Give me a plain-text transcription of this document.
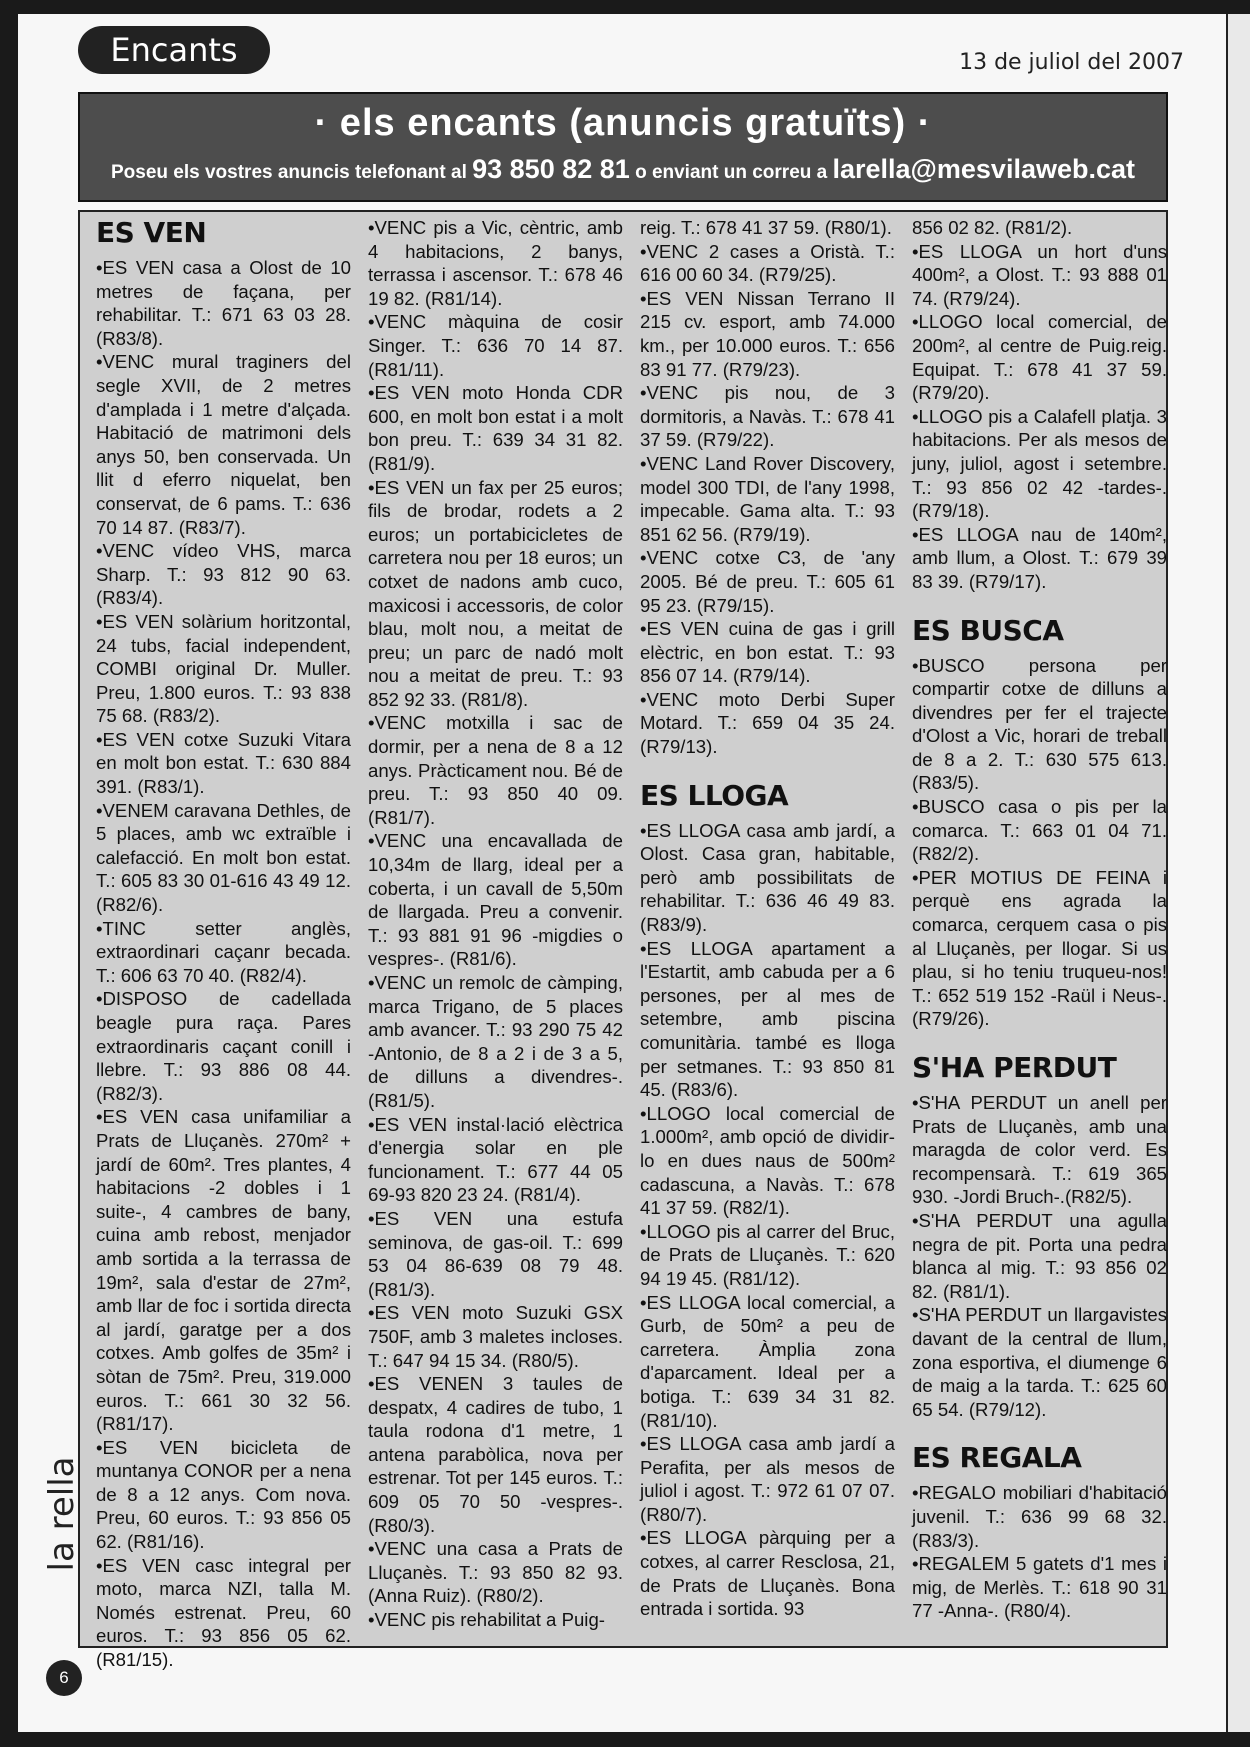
Encants	13 de juliol del 2007
· els encants (anuncis gratuïts) ·
Poseu els vostres anuncis telefonant al 93 850 82 81 o enviant un correu a larella@mesvilaweb.cat
ES VEN

•ES VEN casa a Olost de 10 metres de façana, per rehabilitar. T.: 671 63 03 28. (R83/8).

•VENC mural traginers del segle XVII, de 2 metres d'amplada i 1 metre d'alçada. Habitació de matrimoni dels anys 50, ben conservada. Un llit d eferro niquelat, ben conservat, de 6 pams. T.: 636 70 14 87. (R83/7).

•VENC vídeo VHS, marca Sharp. T.: 93 812 90 63. (R83/4).

•ES VEN solàrium horitzontal, 24 tubs, facial independent, COMBI original Dr. Muller. Preu, 1.800 euros. T.: 93 838 75 68. (R83/2).

•ES VEN cotxe Suzuki Vitara en molt bon estat. T.: 630 884 391. (R83/1).

•VENEM caravana Dethles, de 5 places, amb wc extraïble i calefacció. En molt bon estat. T.: 605 83 30 01-616 43 49 12. (R82/6).

•TINC setter anglès, extraordinari caçanr becada. T.: 606 63 70 40. (R82/4).

•DISPOSO de cadellada beagle pura raça. Pares extraordinaris caçant conill i llebre. T.: 93 886 08 44. (R82/3).

•ES VEN casa unifamiliar a Prats de Lluçanès. 270m² + jardí de 60m². Tres plantes, 4 habitacions -2 dobles i 1 suite-, 4 cambres de bany, cuina amb rebost, menjador amb sortida a la terrassa de 19m², sala d'estar de 27m², amb llar de foc i sortida directa al jardí, garatge per a dos cotxes. Amb golfes de 35m² i sòtan de 75m². Preu, 319.000 euros. T.: 661 30 32 56. (R81/17).

•ES VEN bicicleta de muntanya CONOR per a nena de 8 a 12 anys. Com nova. Preu, 60 euros. T.: 93 856 05 62. (R81/16).

•ES VEN casc integral per moto, marca NZI, talla M. Només estrenat. Preu, 60 euros. T.: 93 856 05 62. (R81/15).

•VENC pis a Vic, cèntric, amb 4 habitacions, 2 banys, terrassa i ascensor. T.: 678 46 19 82. (R81/14).

•VENC màquina de cosir Singer. T.: 636 70 14 87. (R81/11).

•ES VEN moto Honda CDR 600, en molt bon estat i a molt bon preu. T.: 639 34 31 82. (R81/9).

•ES VEN un fax per 25 euros; fils de brodar, rodets a 2 euros; un portabicicletes de carretera nou per 18 euros; un cotxet de nadons amb cuco, maxicosi i accessoris, de color blau, molt nou, a meitat de preu; un parc de nadó molt nou a meitat de preu. T.: 93 852 92 33. (R81/8).

•VENC motxilla i sac de dormir, per a nena de 8 a 12 anys. Pràcticament nou. Bé de preu. T.: 93 850 40 09. (R81/7).

•VENC una encavallada de 10,34m de llarg, ideal per a coberta, i un cavall de 5,50m de llargada. Preu a convenir. T.: 93 881 91 96 -migdies o vespres-. (R81/6).

•VENC un remolc de càmping, marca Trigano, de 5 places amb avancer. T.: 93 290 75 42 -Antonio, de 8 a 2 i de 3 a 5, de dilluns a divendres-. (R81/5).

•ES VEN instal·lació elèctrica d'energia solar en ple funcionament. T.: 677 44 05 69-93 820 23 24. (R81/4).

•ES VEN una estufa seminova, de gas-oil. T.: 699 53 04 86-639 08 79 48. (R81/3).

•ES VEN moto Suzuki GSX 750F, amb 3 maletes incloses. T.: 647 94 15 34. (R80/5).

•ES VENEN 3 taules de despatx, 4 cadires de tubo, 1 taula rodona d'1 metre, 1 antena parabòlica, nova per estrenar. Tot per 145 euros. T.: 609 05 70 50 -vespres-. (R80/3).

•VENC una casa a Prats de Lluçanès. T.: 93 850 82 93. (Anna Ruiz). (R80/2).

•VENC pis rehabilitat a Puig-

reig. T.: 678 41 37 59. (R80/1).

•VENC 2 cases a Oristà. T.: 616 00 60 34. (R79/25).

•ES VEN Nissan Terrano II 215 cv. esport, amb 74.000 km., per 10.000 euros. T.: 656 83 91 77. (R79/23).

•VENC pis nou, de 3 dormitoris, a Navàs. T.: 678 41 37 59. (R79/22).

•VENC Land Rover Discovery, model 300 TDI, de l'any 1998, impecable. Gama alta. T.: 93 851 62 56. (R79/19).

•VENC cotxe C3, de 'any 2005. Bé de preu. T.: 605 61 95 23. (R79/15).

•ES VEN cuina de gas i grill elèctric, en bon estat. T.: 93 856 07 14. (R79/14).

•VENC moto Derbi Super Motard. T.: 659 04 35 24. (R79/13).

ES LLOGA

•ES LLOGA casa amb jardí, a Olost. Casa gran, habitable, però amb possibilitats de rehabilitar. T.: 636 46 49 83. (R83/9).

•ES LLOGA apartament a l'Estartit, amb cabuda per a 6 persones, per al mes de setembre, amb piscina comunitària. també es lloga per setmanes. T.: 93 850 81 45. (R83/6).

•LLOGO local comercial de 1.000m², amb opció de dividir-lo en dues naus de 500m² cadascuna, a Navàs. T.: 678 41 37 59. (R82/1).

•LLOGO pis al carrer del Bruc, de Prats de Lluçanès. T.: 620 94 19 45. (R81/12).

•ES LLOGA local comercial, a Gurb, de 50m² a peu de carretera. Àmplia zona d'aparcament. Ideal per a botiga. T.: 639 34 31 82. (R81/10).

•ES LLOGA casa amb jardí a Perafita, per als mesos de juliol i agost. T.: 972 61 07 07. (R80/7).

•ES LLOGA pàrquing per a cotxes, al carrer Resclosa, 21, de Prats de Lluçanès. Bona entrada i sortida. 93

856 02 82. (R81/2).

•ES LLOGA un hort d'uns 400m², a Olost. T.: 93 888 01 74. (R79/24).

•LLOGO local comercial, de 200m², al centre de Puig.reig. Equipat. T.: 678 41 37 59. (R79/20).

•LLOGO pis a Calafell platja. 3 habitacions. Per als mesos de juny, juliol, agost i setembre. T.: 93 856 02 42 -tardes-. (R79/18).

•ES LLOGA nau de 140m², amb llum, a Olost. T.: 679 39 83 39. (R79/17).

ES BUSCA

•BUSCO persona per compartir cotxe de dilluns a divendres per fer el trajecte d'Olost a Vic, horari de treball de 8 a 2. T.: 630 575 613. (R83/5).

•BUSCO casa o pis per la comarca. T.: 663 01 04 71. (R82/2).

•PER MOTIUS DE FEINA i perquè ens agrada la comarca, cerquem casa o pis al Lluçanès, per llogar. Si us plau, si ho teniu truqueu-nos! T.: 652 519 152 -Raül i Neus-. (R79/26).

S'HA PERDUT

•S'HA PERDUT un anell per Prats de Lluçanès, amb una maragda de color verd. Es recompensarà. T.: 619 365 930. -Jordi Bruch-.(R82/5).

•S'HA PERDUT una agulla negra de pit. Porta una pedra blanca al mig. T.: 93 856 02 82. (R81/1).

•S'HA PERDUT un llargavistes davant de la central de llum, zona esportiva, el diumenge 6 de maig a la tarda. T.: 625 60 65 54. (R79/12).

ES REGALA

•REGALO mobiliari d'habitació juvenil. T.: 636 99 68 32. (R83/3).

•REGALEM 5 gatets d'1 mes i mig, de Merlès. T.: 618 90 31 77 -Anna-. (R80/4).

la rella
6
